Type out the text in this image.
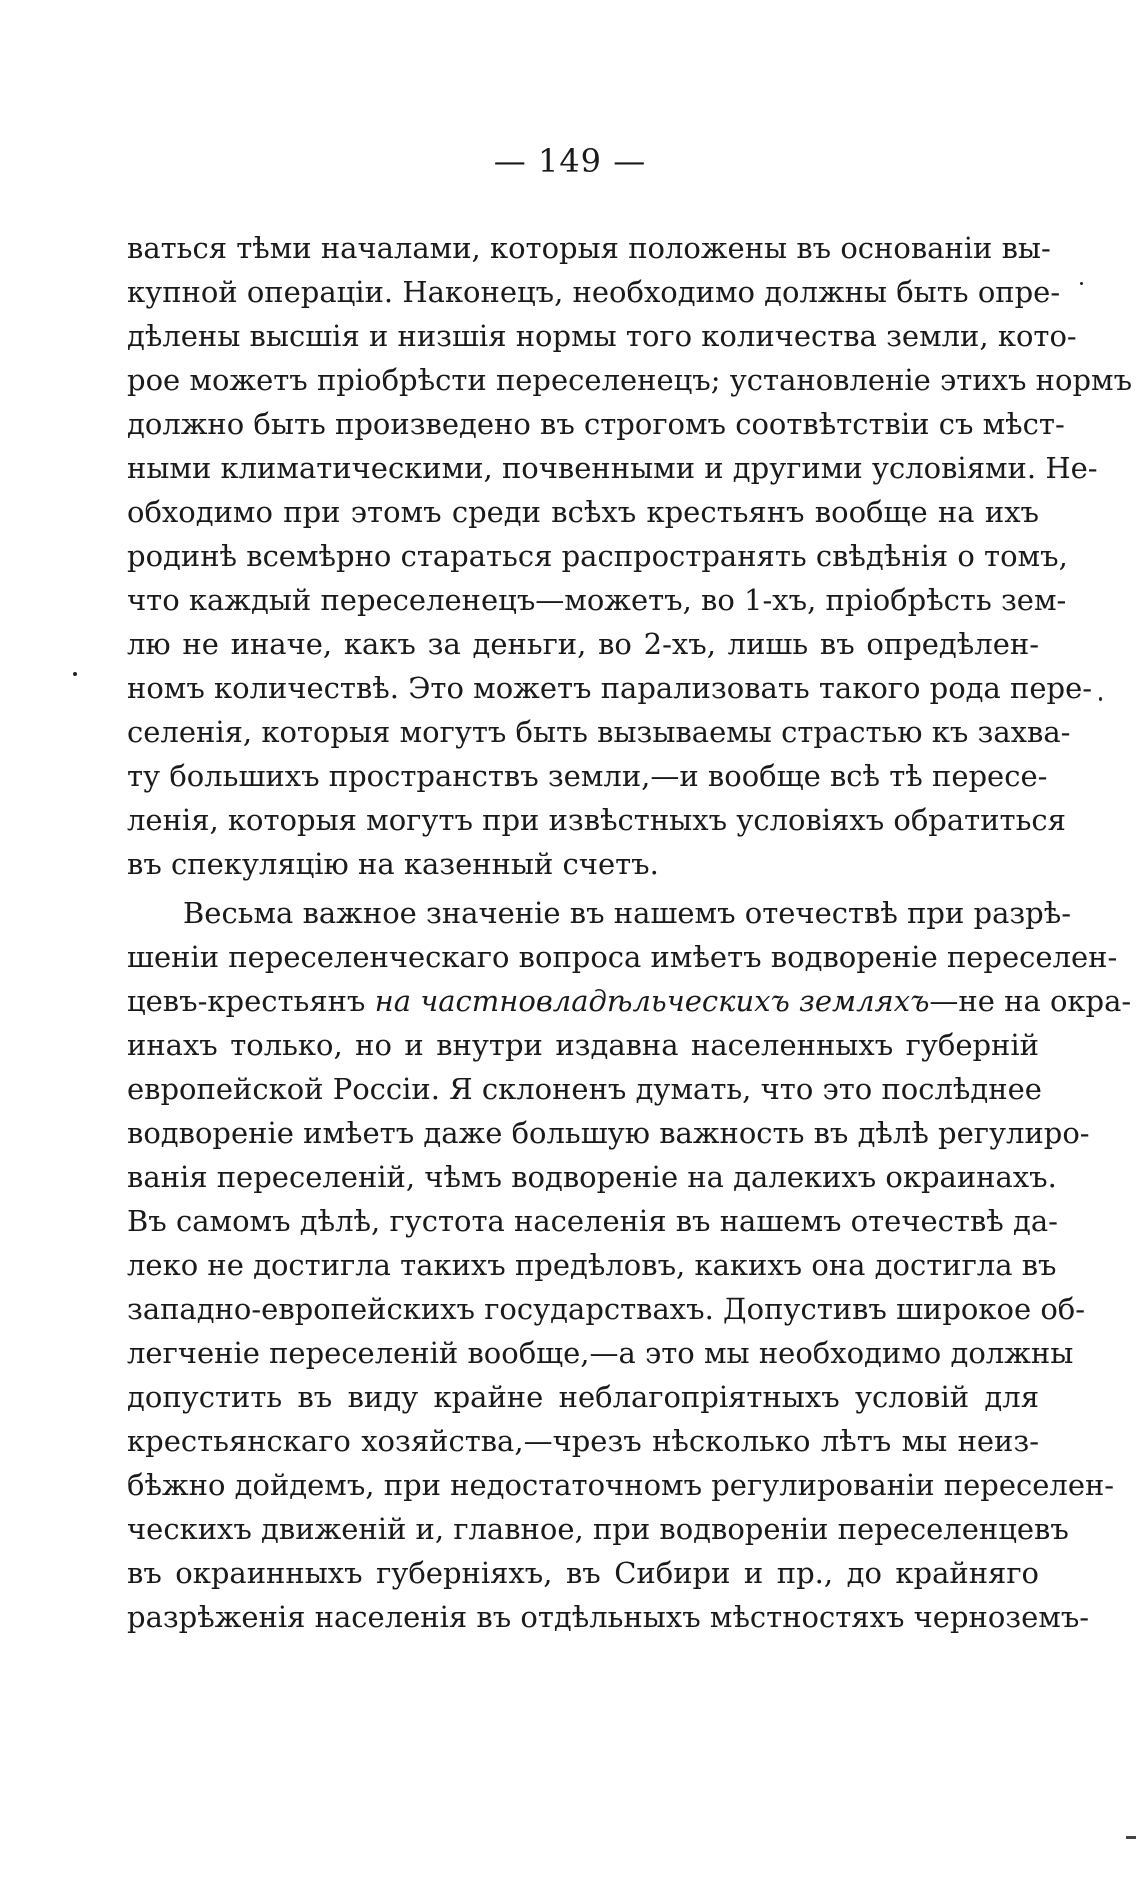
— 149 —
ваться тѣми началами, которыя положены въ основаніи вы-
купной операціи. Наконецъ, необходимо должны быть опре-
дѣлены высшія и низшія нормы того количества земли, кото-
рое можетъ пріобрѣсти переселенецъ; установленіе этихъ нормъ
должно быть произведено въ строгомъ соотвѣтствіи съ мѣст-
ными климатическими, почвенными и другими условіями. Не-
обходимо при этомъ среди всѣхъ крестьянъ вообще на ихъ
родинѣ всемѣрно стараться распространять свѣдѣнія о томъ,
что каждый переселенецъ—можетъ, во 1-хъ, пріобрѣсть зем-
лю не иначе, какъ за деньги, во 2-хъ, лишь въ опредѣлен-
номъ количествѣ. Это можетъ парализовать такого рода пере-
селенія, которыя могутъ быть вызываемы страстью къ захва-
ту большихъ пространствъ земли,—и вообще всѣ тѣ пересе-
ленія, которыя могутъ при извѣстныхъ условіяхъ обратиться
въ спекуляцію на казенный счетъ.
Весьма важное значеніе въ нашемъ отечествѣ при разрѣ-
шеніи переселенческаго вопроса имѣетъ водвореніе переселен-
цевъ-крестьянъ на частновладѣльческихъ земляхъ—не на окра-
инахъ только, но и внутри издавна населенныхъ губерній
европейской Россіи. Я склоненъ думать, что это послѣднее
водвореніе имѣетъ даже большую важность въ дѣлѣ регулиро-
ванія переселеній, чѣмъ водвореніе на далекихъ окраинахъ.
Въ самомъ дѣлѣ, густота населенія въ нашемъ отечествѣ да-
леко не достигла такихъ предѣловъ, какихъ она достигла въ
западно-европейскихъ государствахъ. Допустивъ широкое об-
легченіе переселеній вообще,—а это мы необходимо должны
допустить въ виду крайне неблагопріятныхъ условій для
крестьянскаго хозяйства,—чрезъ нѣсколько лѣтъ мы неиз-
бѣжно дойдемъ, при недостаточномъ регулированіи переселен-
ческихъ движеній и, главное, при водвореніи переселенцевъ
въ окраинныхъ губерніяхъ, въ Сибири и пр., до крайняго
разрѣженія населенія въ отдѣльныхъ мѣстностяхъ черноземъ-
